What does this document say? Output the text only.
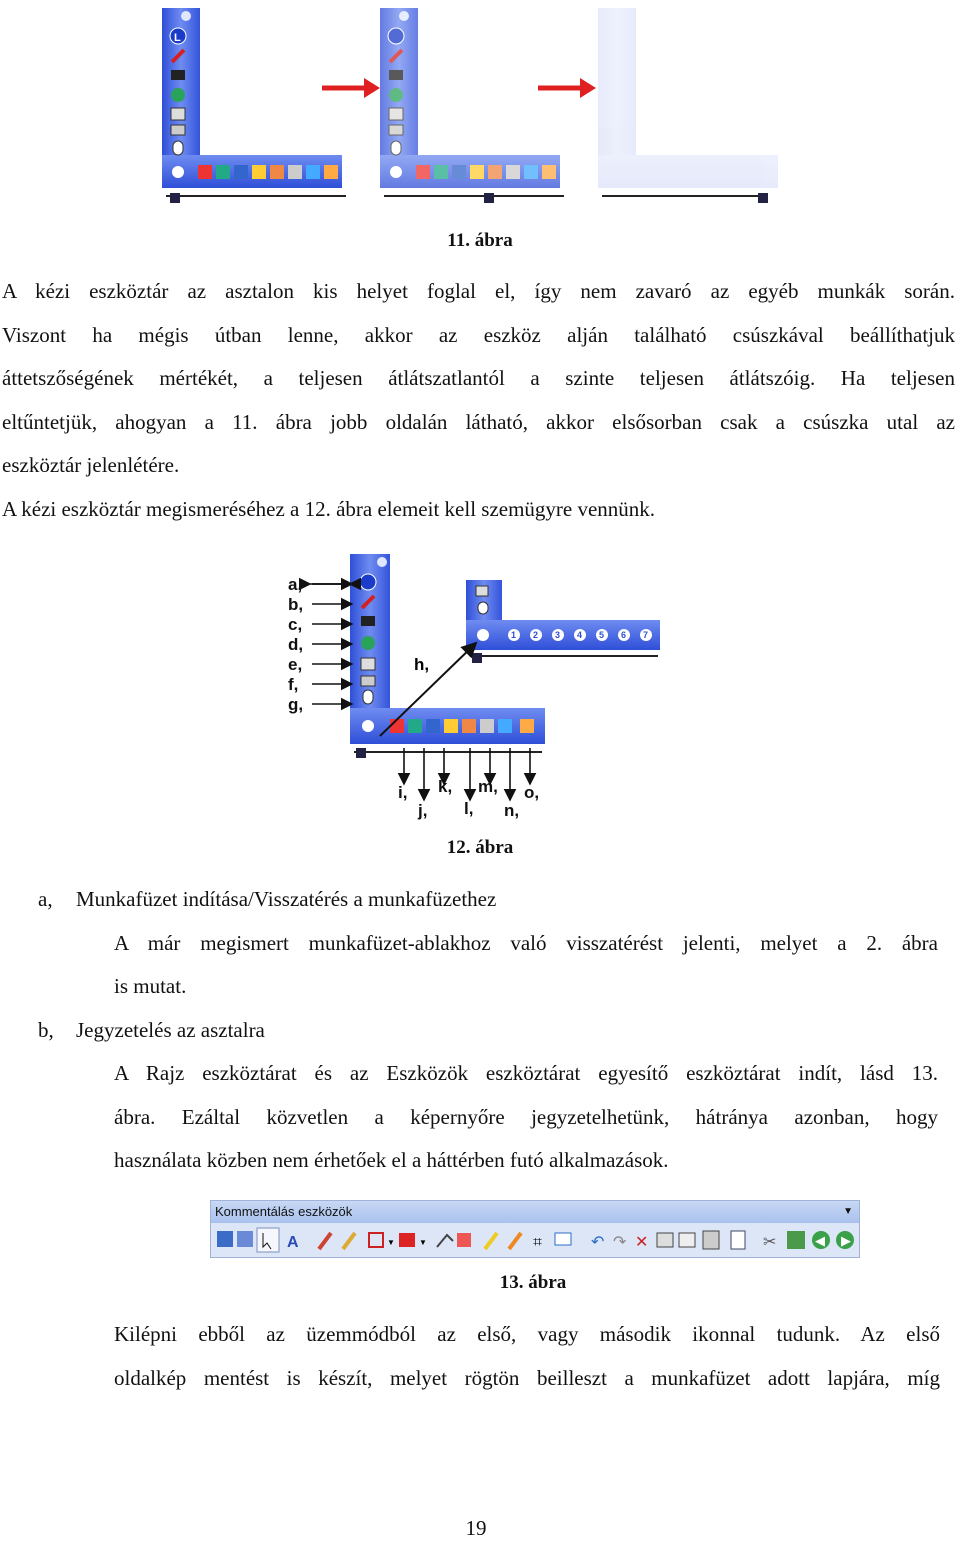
L
11. ábra
A kézi eszköztár az asztalon kis helyet foglal el, így nem zavaró az egyéb munkák során.
Viszont ha mégis útban lenne, akkor az eszköz alján található csúszkával beállíthatjuk
áttetszőségének mértékét, a teljesen átlátszatlantól a szinte teljesen átlátszóig. Ha teljesen
eltűntetjük, ahogyan a 11. ábra jobb oldalán látható, akkor elsősorban csak a csúszka utal az
eszköztár jelenlétére.
A kézi eszköztár megismeréséhez a 12. ábra elemeit kell szemügyre vennünk.
1 2 3 4 5 6 7
a,
b,
c,
d,
e,
f,
g,
h,
i, k, m, o,
j, l, n,
12. ábra
a, Munkafüzet indítása/Visszatérés a munkafüzethez
A már megismert munkafüzet-ablakhoz való visszatérést jelenti, melyet a 2. ábra
is mutat.
b, Jegyzetelés az asztalra
A Rajz eszköztárat és az Eszközök eszköztárat egyesítő eszköztárat indít, lásd 13.
ábra. Ezáltal közvetlen a képernyőre jegyzetelhetünk, hátránya azonban, hogy
használata közben nem érhetőek el a háttérben futó alkalmazások.
Kommentálás eszközök	▼
A	▼	▼	⌗	↶ ↷ ✕	✂	◀ ▶
13. ábra
Kilépni ebből az üzemmódból az első, vagy második ikonnal tudunk. Az első
oldalkép mentést is készít, melyet rögtön beilleszt a munkafüzet adott lapjára, míg
19
